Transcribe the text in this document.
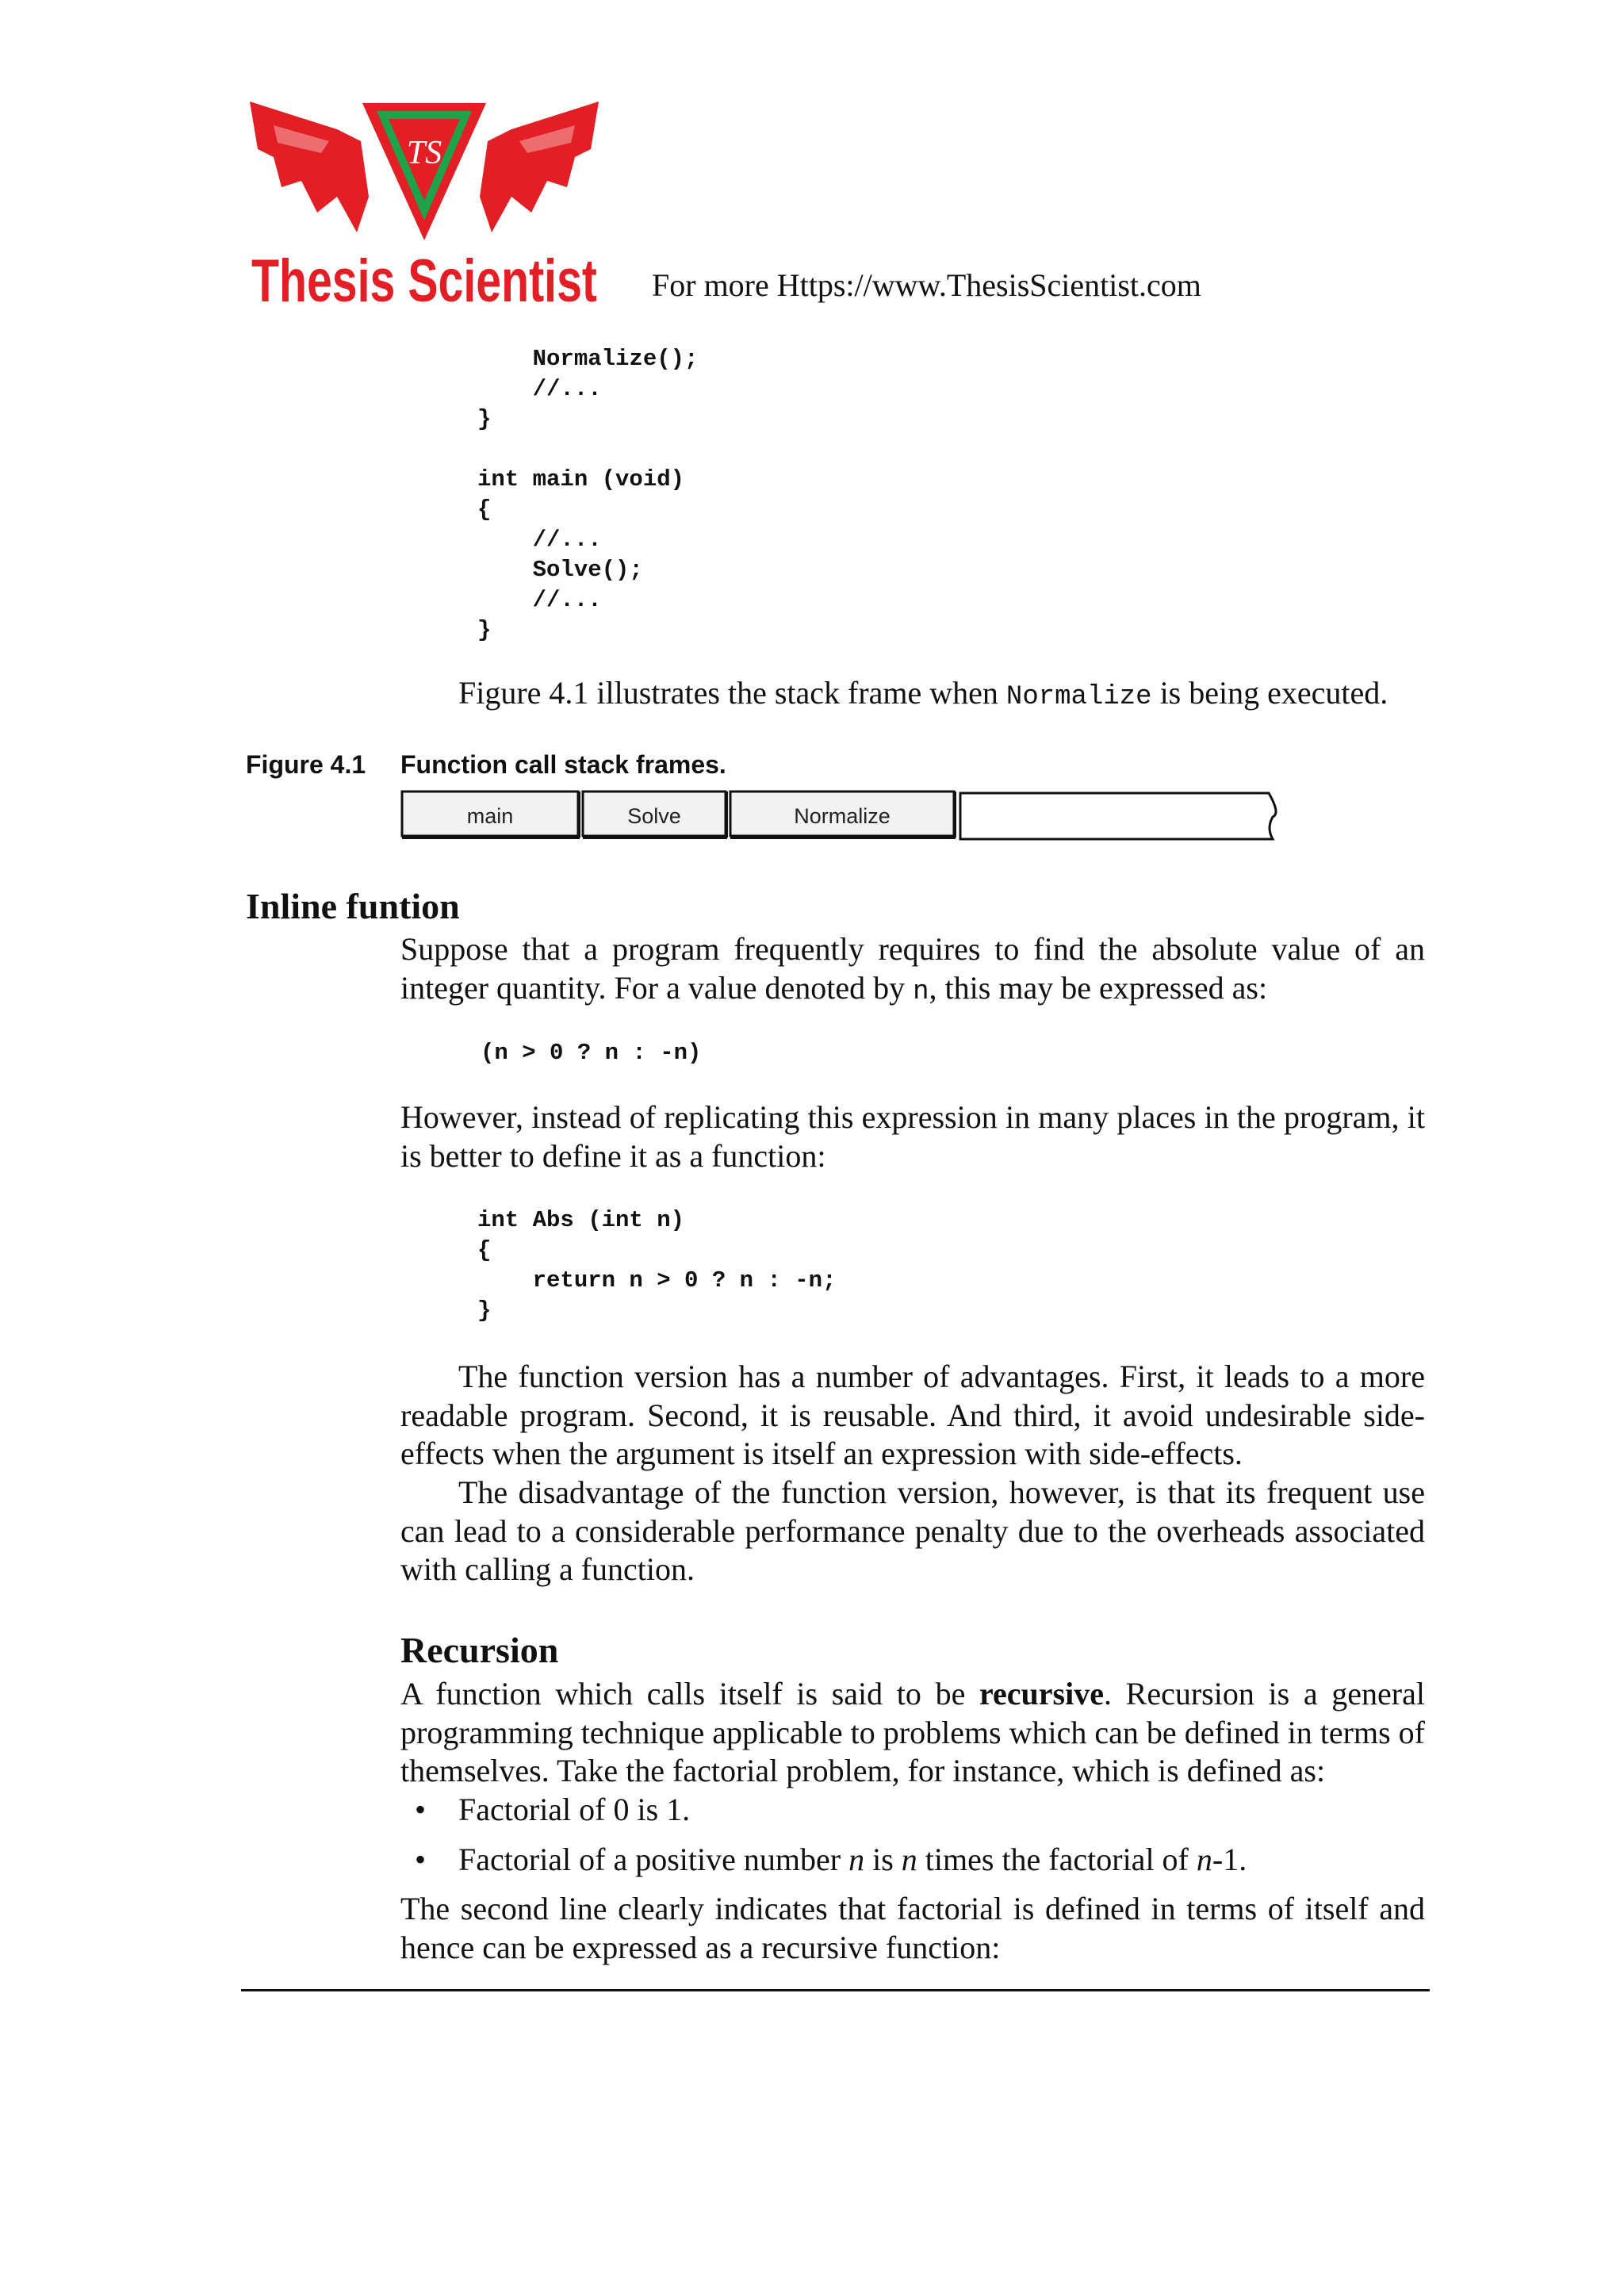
TS
Thesis Scientist For more Https://www.ThesisScientist.com
Normalize();
//...
}

int main (void)
{
//...
Solve();
//...
}

Figure 4.1 illustrates the stack frame when Normalize is being executed.

Figure 4.1 Function call stack frames.
main	Solve	Normalize
Inline funtion

Suppose that a program frequently requires to find the absolute value of an integer quantity. For a value denoted by n, this may be expressed as:

(n > 0 ? n : -n)

However, instead of replicating this expression in many places in the program, it is better to define it as a function:

int Abs (int n)
{
return n > 0 ? n : -n;
}

The function version has a number of advantages. First, it leads to a more readable program. Second, it is reusable. And third, it avoid undesirable side-effects when the argument is itself an expression with side-effects.

The disadvantage of the function version, however, is that its frequent use can lead to a considerable performance penalty due to the overheads associated with calling a function.

Recursion

A function which calls itself is said to be recursive. Recursion is a general programming technique applicable to problems which can be defined in terms of themselves. Take the factorial problem, for instance, which is defined as:

• Factorial of 0 is 1.
• Factorial of a positive number n is n times the factorial of n-1.

The second line clearly indicates that factorial is defined in terms of itself and hence can be expressed as a recursive function:
